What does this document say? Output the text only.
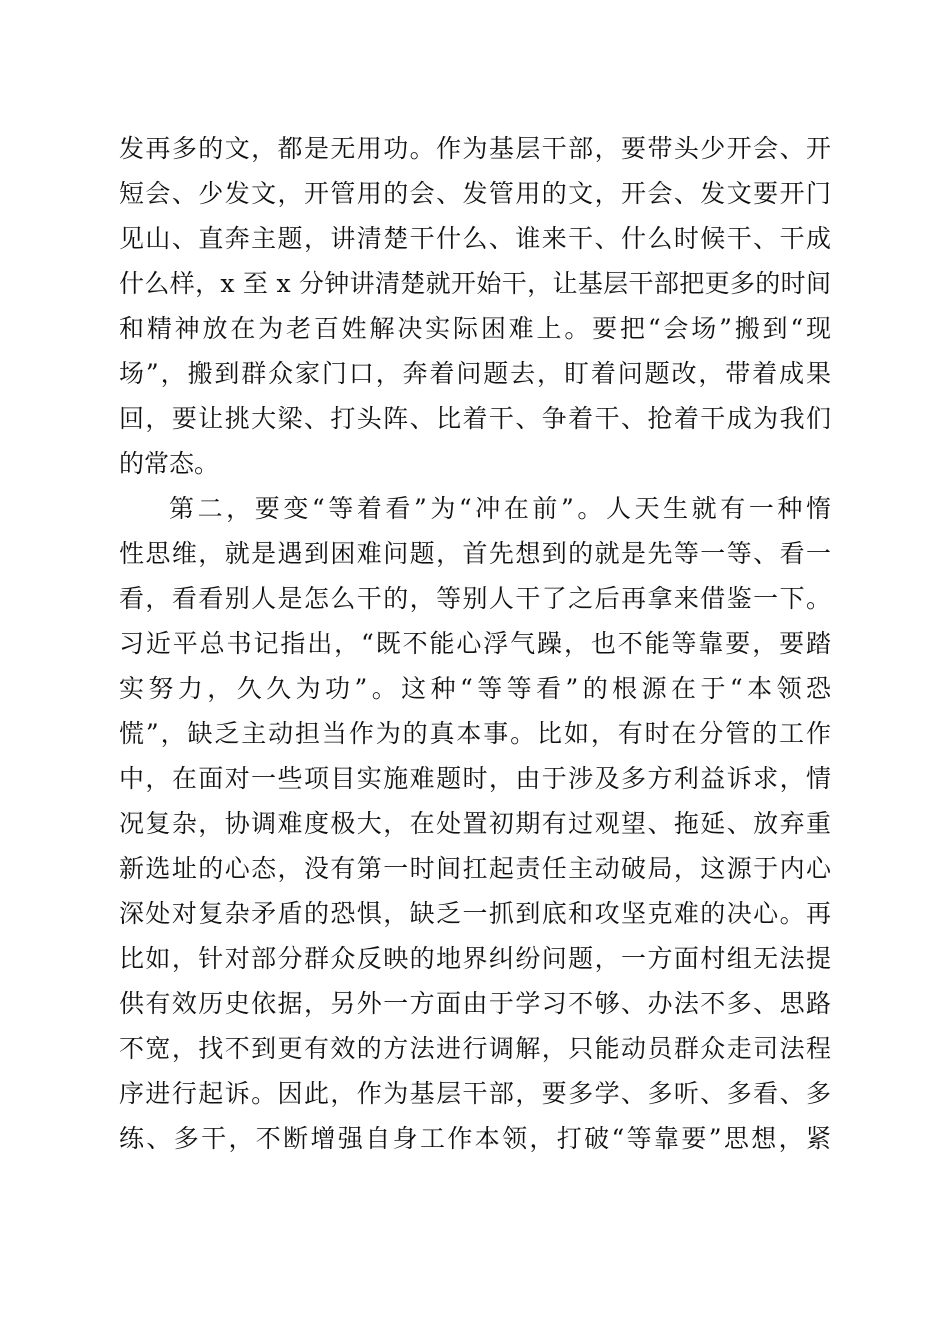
发再多的文，都是无用功。作为基层干部，要带头少开会、开
短会、少发文，开管用的会、发管用的文，开会、发文要开门
见山、直奔主题，讲清楚干什么、谁来干、什么时候干、干成
什么样，x 至 x 分钟讲清楚就开始干，让基层干部把更多的时间
和精神放在为老百姓解决实际困难上。要把“会场”搬到“现
场”，搬到群众家门口，奔着问题去，盯着问题改，带着成果
回，要让挑大梁、打头阵、比着干、争着干、抢着干成为我们
的常态。
第二，要变“等着看”为“冲在前”。人天生就有一种惰
性思维，就是遇到困难问题，首先想到的就是先等一等、看一
看，看看别人是怎么干的，等别人干了之后再拿来借鉴一下。
习近平总书记指出，“既不能心浮气躁，也不能等靠要，要踏
实努力，久久为功”。这种“等等看”的根源在于“本领恐
慌”，缺乏主动担当作为的真本事。比如，有时在分管的工作
中，在面对一些项目实施难题时，由于涉及多方利益诉求，情
况复杂，协调难度极大，在处置初期有过观望、拖延、放弃重
新选址的心态，没有第一时间扛起责任主动破局，这源于内心
深处对复杂矛盾的恐惧，缺乏一抓到底和攻坚克难的决心。再
比如，针对部分群众反映的地界纠纷问题，一方面村组无法提
供有效历史依据，另外一方面由于学习不够、办法不多、思路
不宽，找不到更有效的方法进行调解，只能动员群众走司法程
序进行起诉。因此，作为基层干部，要多学、多听、多看、多
练、多干，不断增强自身工作本领，打破“等靠要”思想，紧
